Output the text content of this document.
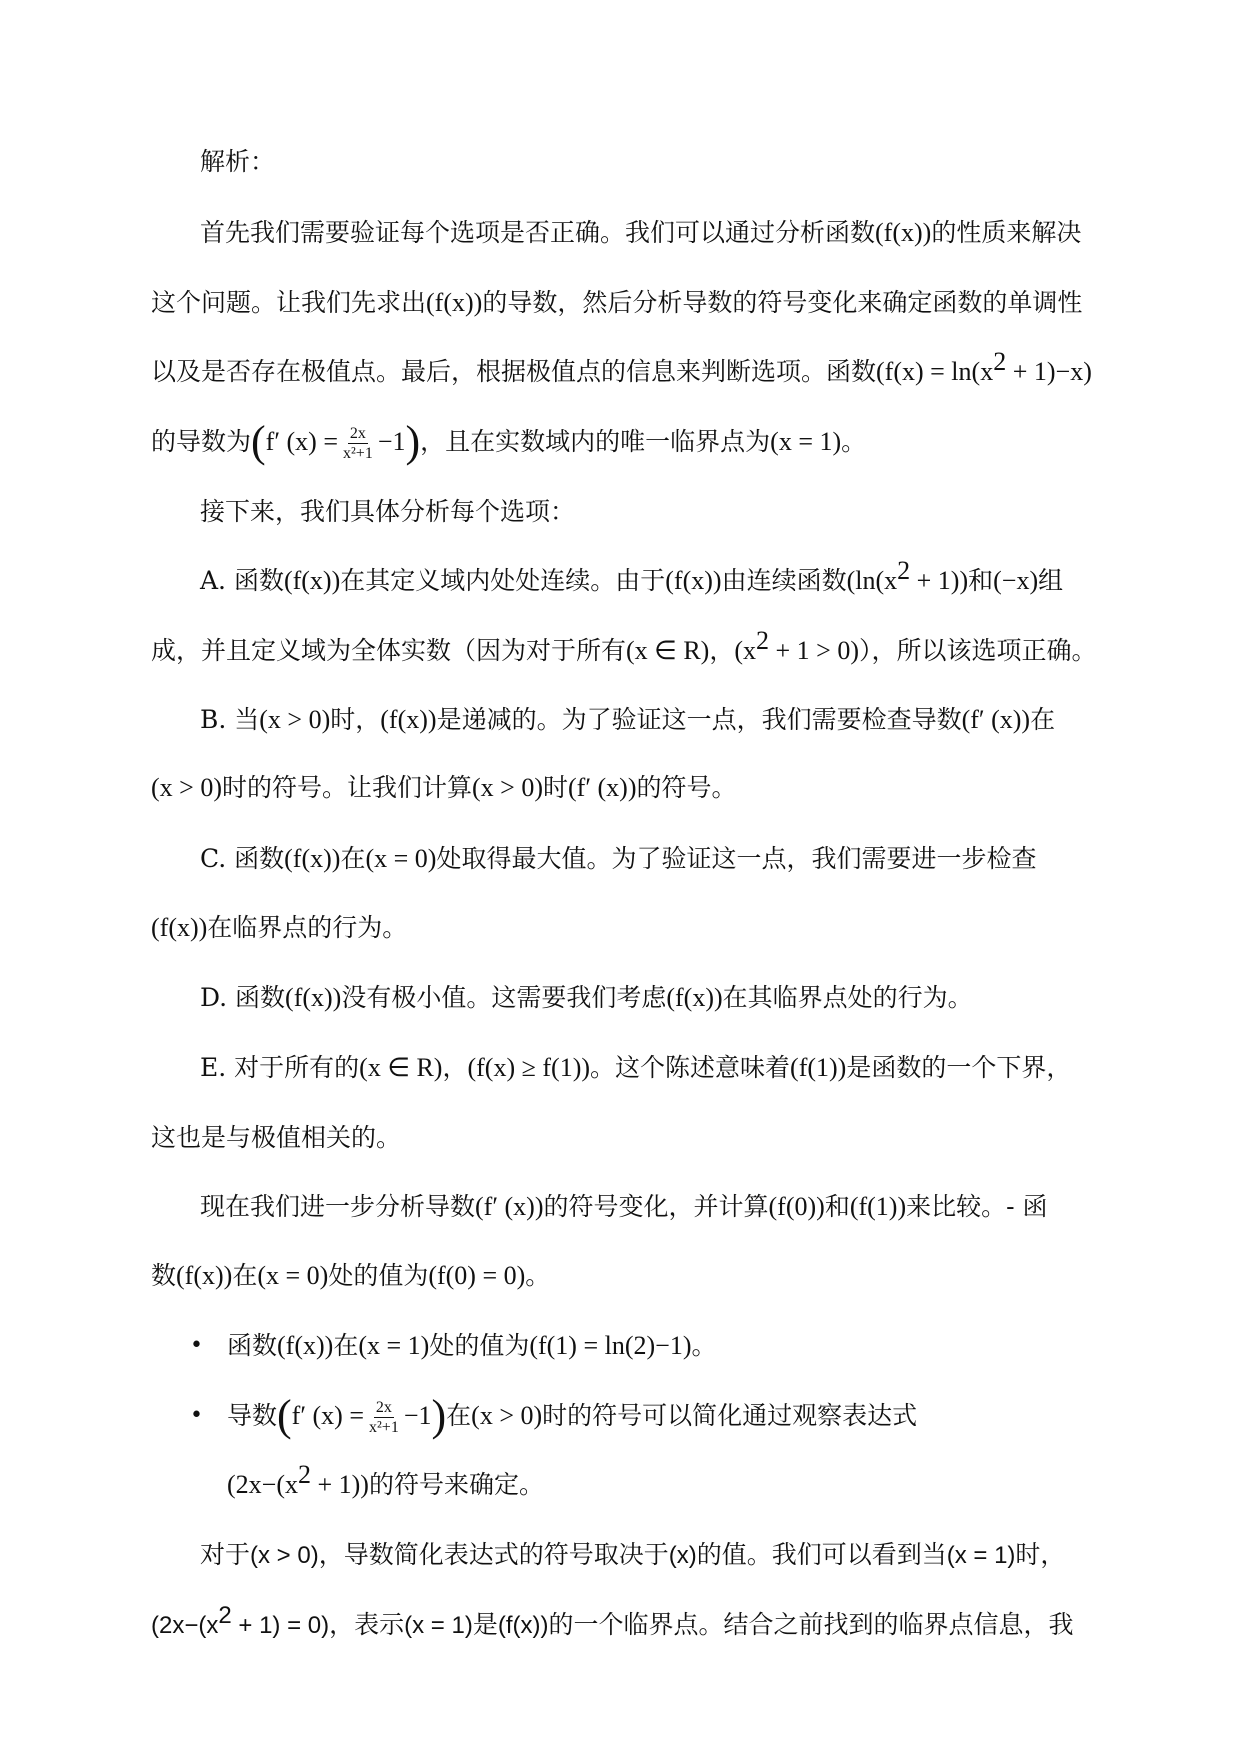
解析：
首先我们需要验证每个选项是否正确。我们可以通过分析函数(f(x))的性质来解决
这个问题。让我们先求出(f(x))的导数，然后分析导数的符号变化来确定函数的单调性
以及是否存在极值点。最后，根据极值点的信息来判断选项。函数$(f(x) = \ln(x^2 + 1)-x)$
的导数为(f′ $(x) = \frac{2x}{\text{x²+1}} -1$)，且在实数域内的唯一临界点为(x = 1)。
接下来，我们具体分析每个选项：
A. 函数(f(x))在其定义域内处处连续。由于(f(x))由连续函数$(\ln(x^2 + 1))$和(−x)组
成，并且定义域为全体实数（因为对于所有(x ∈ R)，$(x^2 + 1 > 0)$），所以该选项正确。
B. 当(x > 0)时，(f(x))是递减的。为了验证这一点，我们需要检查导数(f′ (x))在
(x > 0)时的符号。让我们计算(x > 0)时(f′ (x))的符号。
C. 函数(f(x))在(x = 0)处取得最大值。为了验证这一点，我们需要进一步检查
(f(x))在临界点的行为。
D. 函数(f(x))没有极小值。这需要我们考虑(f(x))在其临界点处的行为。
E. 对于所有的(x ∈ R)，(f(x) ≥ f(1))。这个陈述意味着(f(1))是函数的一个下界，
这也是与极值相关的。
现在我们进一步分析导数(f′ (x))的符号变化，并计算(f(0))和(f(1))来比较。- 函
数(f(x))在(x = 0)处的值为(f(0) = 0)。
• 函数(f(x))在(x = 1)处的值为(f(1) = ln(2)−1)。
• 导数(f′ $(x) = \frac{2x}{\text{x²+1}} -1$)在(x > 0)时的符号可以简化通过观察表达式
$(2x-(x^2 + 1))$的符号来确定。
对于(x > 0)，导数简化表达式的符号取决于(x)的值。我们可以看到当(x = 1)时，
$(2x-(x^2 + 1) = 0)$，表示(x = 1)是(f(x))的一个临界点。结合之前找到的临界点信息，我
